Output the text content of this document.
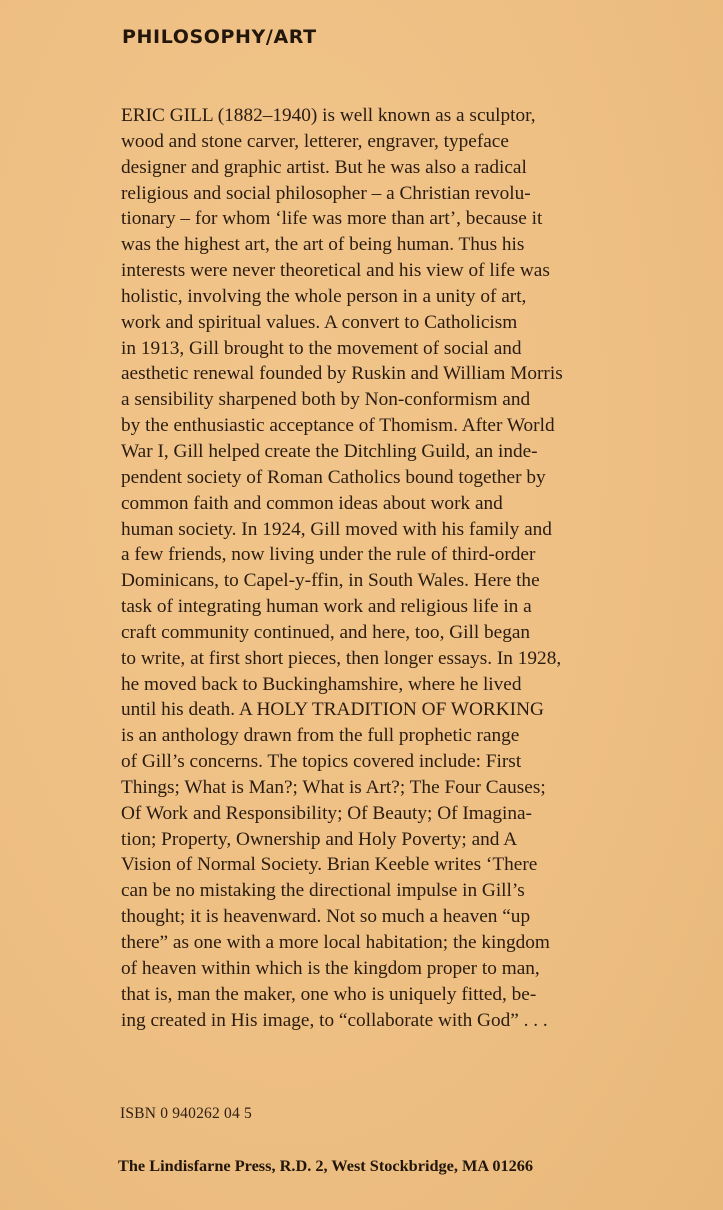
PHILOSOPHY/ART
ERIC GILL (1882–1940) is well known as a sculptor,
wood and stone carver, letterer, engraver, typeface
designer and graphic artist. But he was also a radical
religious and social philosopher – a Christian revolu-
tionary – for whom ‘life was more than art’, because it
was the highest art, the art of being human. Thus his
interests were never theoretical and his view of life was
holistic, involving the whole person in a unity of art,
work and spiritual values. A convert to Catholicism
in 1913, Gill brought to the movement of social and
aesthetic renewal founded by Ruskin and William Morris
a sensibility sharpened both by Non-conformism and
by the enthusiastic acceptance of Thomism. After World
War I, Gill helped create the Ditchling Guild, an inde-
pendent society of Roman Catholics bound together by
common faith and common ideas about work and
human society. In 1924, Gill moved with his family and
a few friends, now living under the rule of third-order
Dominicans, to Capel-y-ffin, in South Wales. Here the
task of integrating human work and religious life in a
craft community continued, and here, too, Gill began
to write, at first short pieces, then longer essays. In 1928,
he moved back to Buckinghamshire, where he lived
until his death. A HOLY TRADITION OF WORKING
is an anthology drawn from the full prophetic range
of Gill’s concerns. The topics covered include: First
Things; What is Man?; What is Art?; The Four Causes;
Of Work and Responsibility; Of Beauty; Of Imagina-
tion; Property, Ownership and Holy Poverty; and A
Vision of Normal Society. Brian Keeble writes ‘There
can be no mistaking the directional impulse in Gill’s
thought; it is heavenward. Not so much a heaven “up
there” as one with a more local habitation; the kingdom
of heaven within which is the kingdom proper to man,
that is, man the maker, one who is uniquely fitted, be-
ing created in His image, to “collaborate with God” . . .

ISBN 0 940262 04 5

The Lindisfarne Press, R.D. 2, West Stockbridge, MA 01266
